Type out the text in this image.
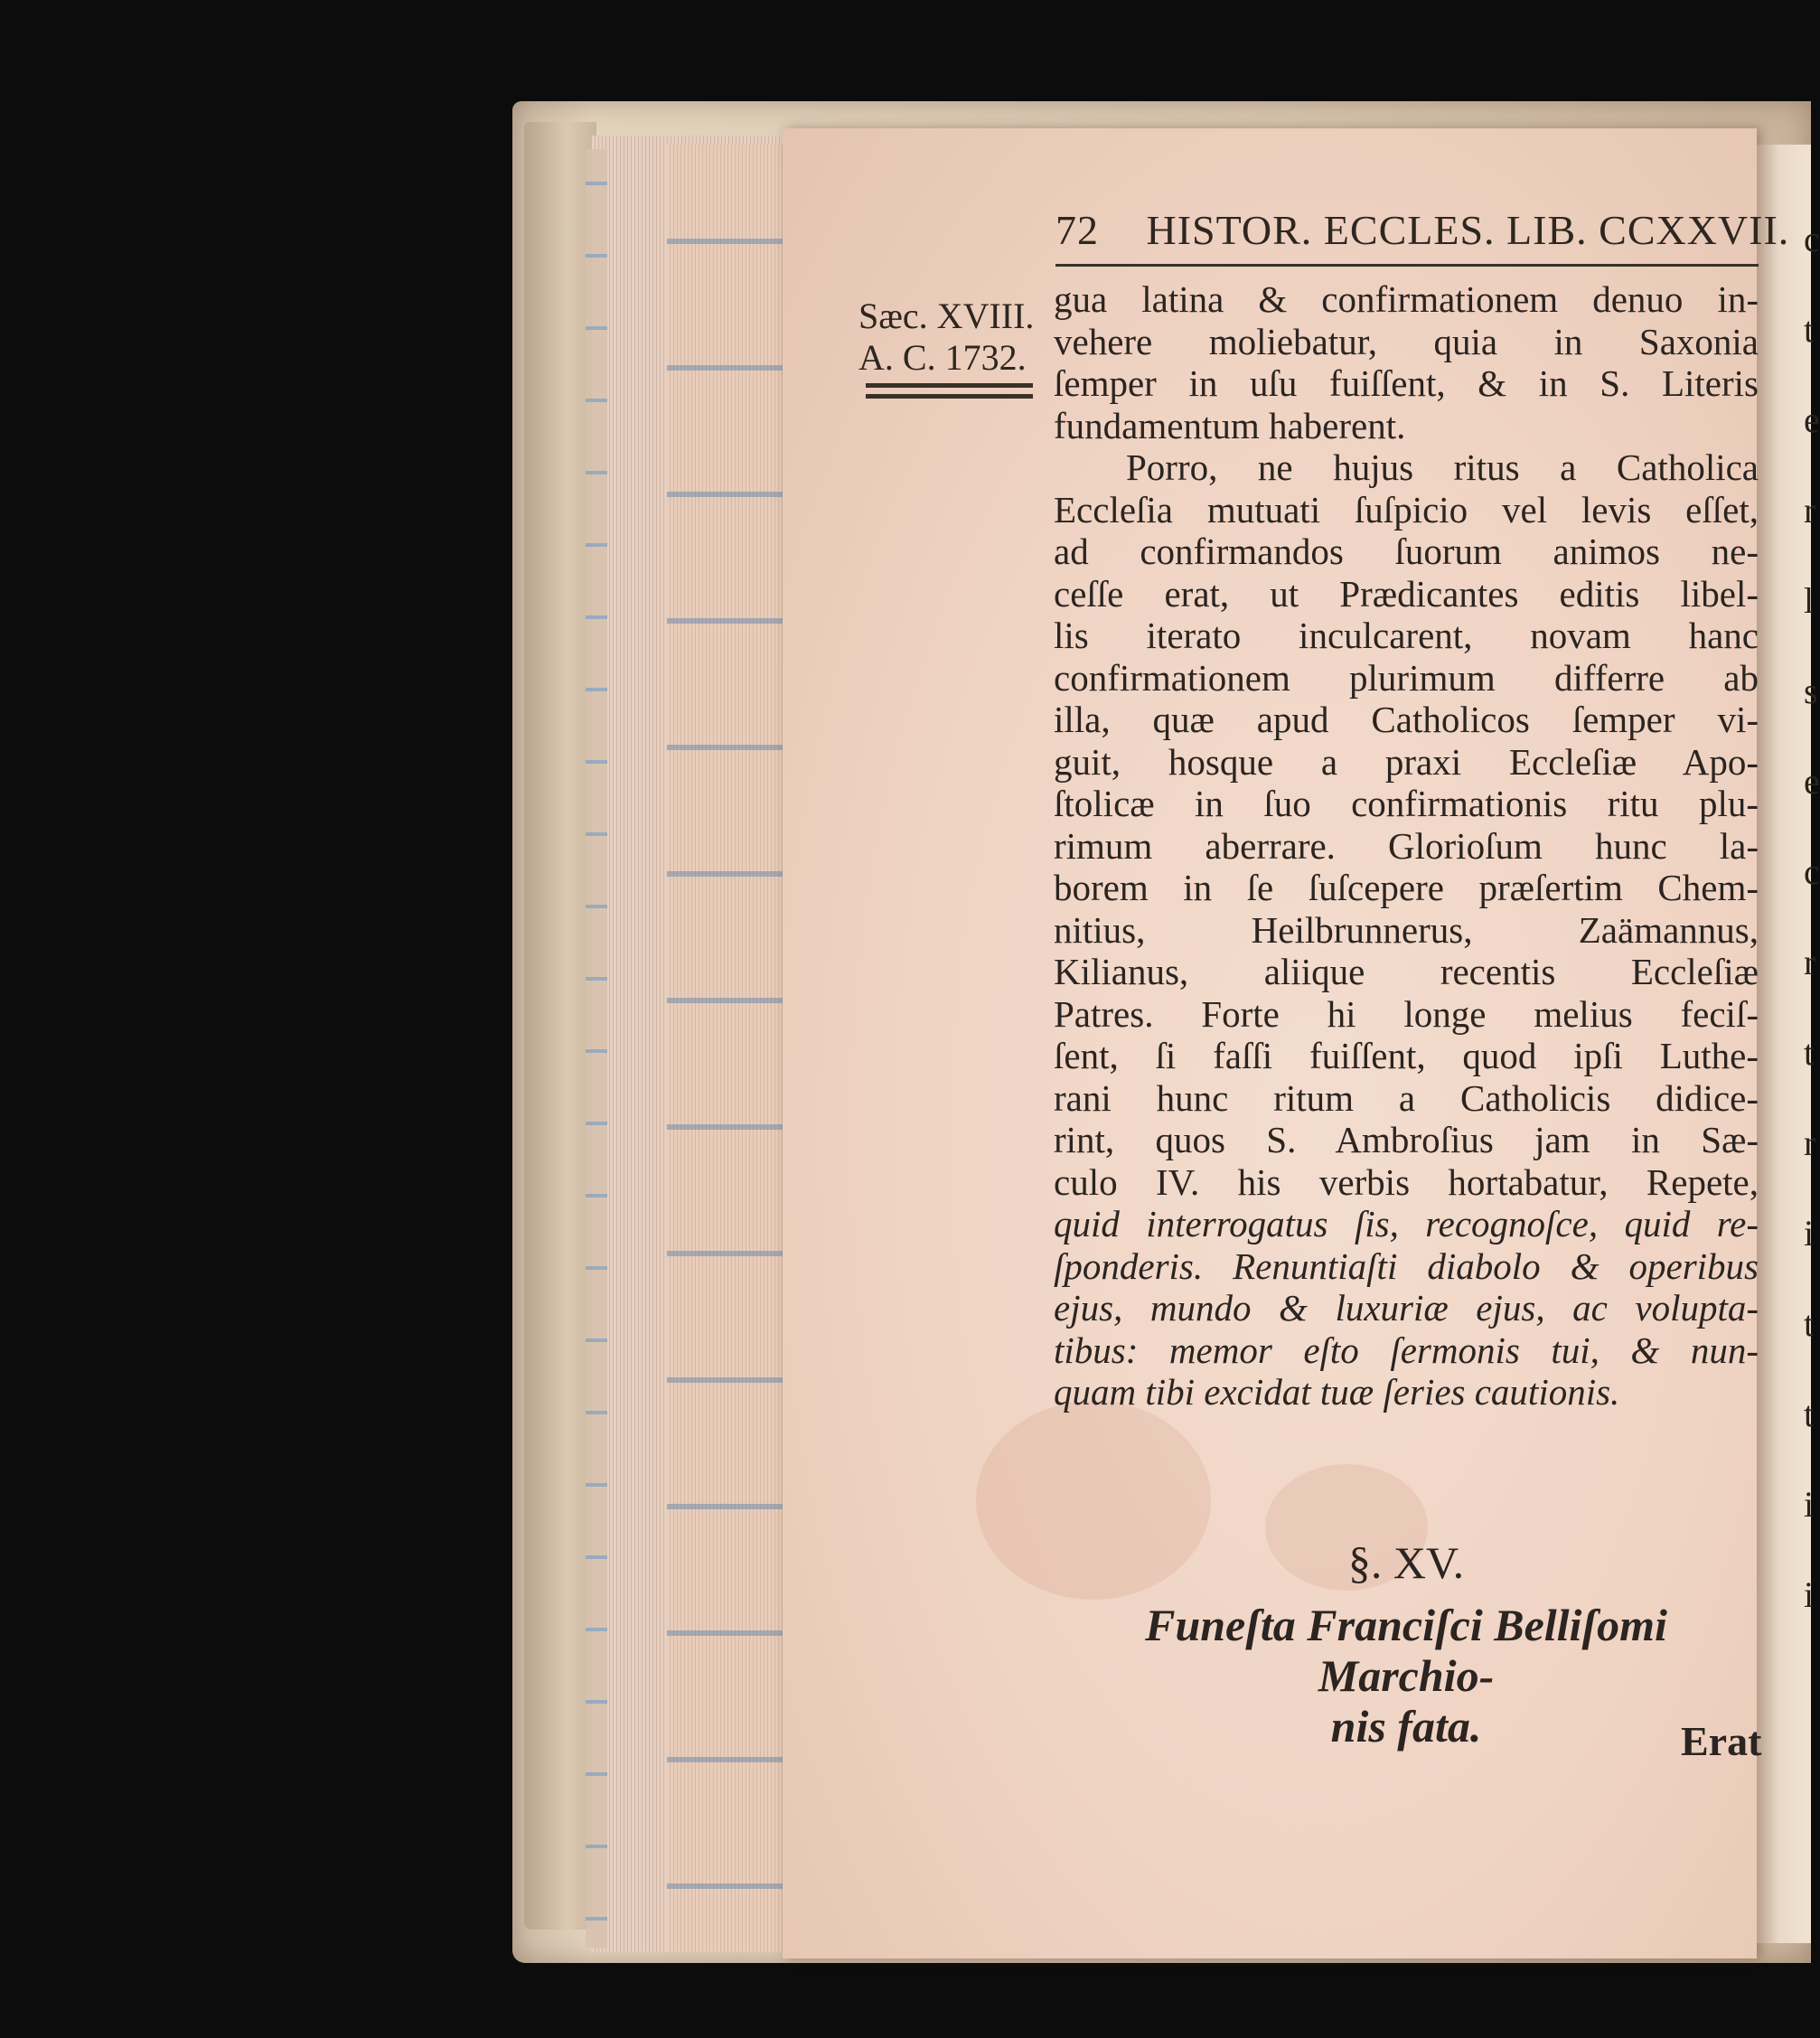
c
t
e
r
l
s
e
c
r
t
r
i
t
t
i
i
72 HISTOR. ECCLES. LIB. CCXXVII.
Sæc. XVIII.
A. C. 1732.
gua latina & confirmationem denuo in-
vehere moliebatur, quia in Saxonia
ſemper in uſu fuiſſent, & in S. Literis
fundamentum haberent.
Porro, ne hujus ritus a Catholica
Eccleſia mutuati ſuſpicio vel levis eſſet,
ad confirmandos ſuorum animos ne-
ceſſe erat, ut Prædicantes editis libel-
lis iterato inculcarent, novam hanc
confirmationem plurimum differre ab
illa, quæ apud Catholicos ſemper vi-
guit, hosque a praxi Eccleſiæ Apo-
ſtolicæ in ſuo confirmationis ritu plu-
rimum aberrare. Glorioſum hunc la-
borem in ſe ſuſcepere præſertim Chem-
nitius, Heilbrunnerus, Zaämannus,
Kilianus, aliique recentis Eccleſiæ
Patres. Forte hi longe melius feciſ-
ſent, ſi faſſi fuiſſent, quod ipſi Luthe-
rani hunc ritum a Catholicis didice-
rint, quos S. Ambroſius jam in Sæ-
culo IV. his verbis hortabatur, Repete,
quid interrogatus ſis, recognoſce, quid re-
ſponderis. Renuntiaſti diabolo & operibus
ejus, mundo & luxuriæ ejus, ac volupta-
tibus: memor eſto ſermonis tui, & nun-
quam tibi excidat tuæ ſeries cautionis.
§. XV.
Funeſta Franciſci Belliſomi Marchio-
nis fata.	Erat
